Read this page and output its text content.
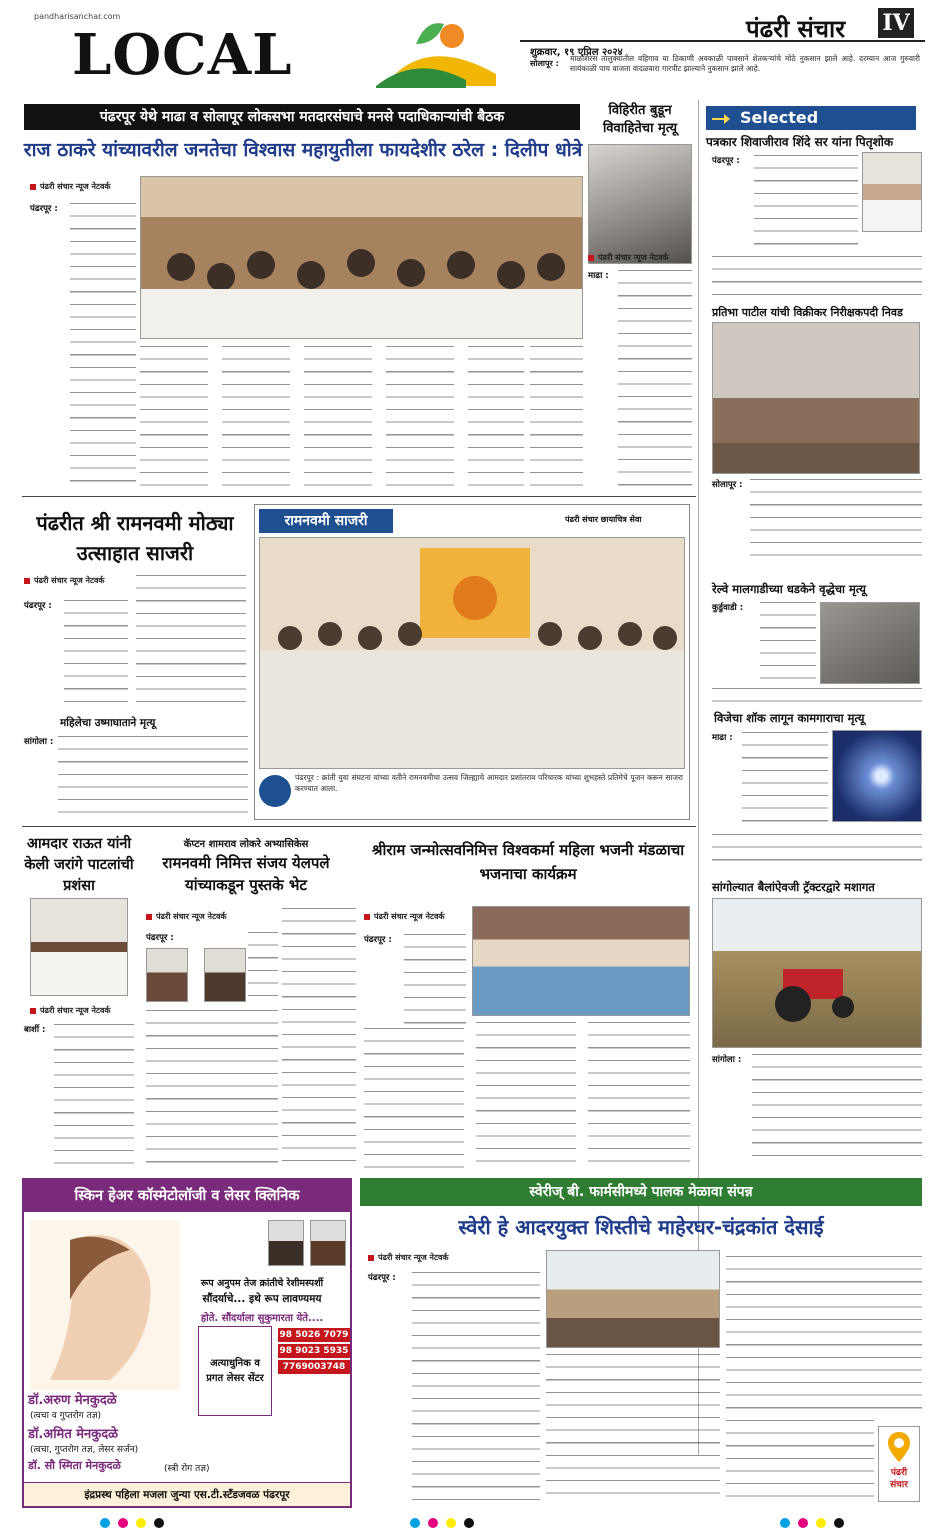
pandharisanchar.com
LOCAL	पंढरी संचार IV
शुक्रवार, १९ एप्रिल २०२४
सोलापूर :
माळशिरस तालुक्यातील वहिगाव या ठिकाणी अवकाळी पावसाने शेतकऱ्यांचे मोठे नुकसान झाले आहे. दरम्यान आज गुरुवारी सायंकाळी पाच वाजता वादळवारा गारपीट झाल्याने नुकसान झाले आहे.
पंढरपूर येथे माढा व सोलापूर लोकसभा मतदारसंघाचे मनसे पदाधिकाऱ्यांची बैठक
राज ठाकरे यांच्यावरील जनतेचा विश्वास महायुतीला फायदेशीर ठरेल : दिलीप धोत्रे
पंढरी संचार न्यूज नेटवर्क
पंढरपूर :
विहिरीत बुडून विवाहितेचा मृत्यू
पंढरी संचार न्यूज नेटवर्क
माढा :
Selected
पत्रकार शिवाजीराव शिंदे सर यांना पितृशोक
पंढरपूर :
प्रतिभा पाटील यांची विक्रीकर निरीक्षकपदी निवड
सोलापूर :
रेल्वे मालगाडीच्या धडकेने वृद्धेचा मृत्यू
कुर्डुवाडी :
विजेचा शॉक लागून कामगाराचा मृत्यू
माढा :
सांगोल्यात बैलांऐवजी ट्रॅक्टरद्वारे मशागत
सांगोला :
पंढरीत श्री रामनवमी मोठ्या उत्साहात साजरी
पंढरी संचार न्यूज नेटवर्क
पंढरपूर :
महिलेचा उष्माघाताने मृत्यू
सांगोला :
रामनवमी साजरी	पंढरी संचार छायाचित्र सेवा
पंढरपूर : क्रांती युवा संघटना यांच्या वतीने रामनवमीचा उत्सव जिल्ह्याचे आमदार प्रशांतराव परिचारक यांच्या शुभहस्ते प्रतिमेचे पूजन करून साजरा करण्यात आला.
आमदार राऊत यांनी केली जरांगे पाटलांची प्रशंसा
पंढरी संचार न्यूज नेटवर्क
बार्शी :
कॅप्टन शामराव लोकरे अभ्यासिकेस
रामनवमी निमित्त संजय येलपले यांच्याकडून पुस्तके भेट
पंढरी संचार न्यूज नेटवर्क
पंढरपूर :
श्रीराम जन्मोत्सवनिमित्त विश्वकर्मा महिला भजनी मंडळाचा भजनाचा कार्यक्रम
पंढरी संचार न्यूज नेटवर्क
पंढरपूर :
स्किन हेअर कॉस्मेटोलॉजी व लेसर क्लिनिक
रूप अनुपम तेज क्रांतीचे रेशीमस्पर्शी
सौंदर्याचे... इथे रूप लावण्यमय
होते. सौंदर्याला सुकुमारता येते....
डॉ.अरुण मेनकुदळे
(त्वचा व गुप्तरोग तज्ञ)
डॉ.अमित मेनकुदळे
(त्वचा, गुप्तरोग तज्ञ, लेसर सर्जन)
डॉ. सौ स्मिता मेनकुदळे	(स्त्री रोग तज्ञ)
अत्याधुनिक व प्रगत लेसर सेंटर
98 5026 7079
98 9023 5935
7769003748
इंद्रप्रस्थ पहिला मजला जुन्या एस.टी.स्टँडजवळ पंढरपूर
स्वेरीज् बी. फार्मसीमध्ये पालक मेळावा संपन्न
स्वेरी हे आदरयुक्त शिस्तीचे माहेरघर-चंद्रकांत देसाई
पंढरी संचार न्यूज नेटवर्क
पंढरपूर :
पंढरी संचार
